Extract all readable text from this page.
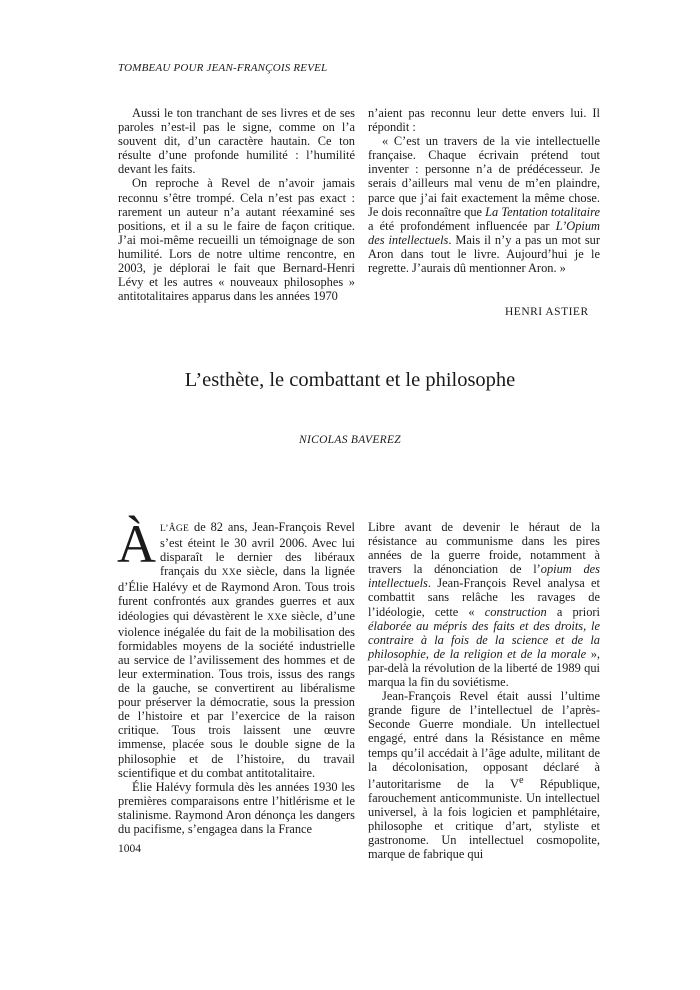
TOMBEAU POUR JEAN-FRANÇOIS REVEL

Aussi le ton tranchant de ses livres et de ses paroles n’est-il pas le signe, comme on l’a souvent dit, d’un caractère hautain. Ce ton résulte d’une profonde humilité : l’humilité devant les faits.

On reproche à Revel de n’avoir jamais reconnu s’être trompé. Cela n’est pas exact : rarement un auteur n’a autant réexaminé ses positions, et il a su le faire de façon critique. J’ai moi-même recueilli un témoignage de son humilité. Lors de notre ultime rencontre, en 2003, je déplorai le fait que Bernard-Henri Lévy et les autres « nouveaux philosophes » antitotalitaires apparus dans les années 1970

n’aient pas reconnu leur dette envers lui. Il répondit :

« C’est un travers de la vie intellectuelle française. Chaque écrivain prétend tout inventer : personne n’a de prédécesseur. Je serais d’ailleurs mal venu de m’en plaindre, parce que j’ai fait exactement la même chose. Je dois reconnaître que La Tentation totalitaire a été profondément influencée par L’Opium des intellectuels. Mais il n’y a pas un mot sur Aron dans tout le livre. Aujourd’hui je le regrette. J’aurais dû mentionner Aron. »

HENRI ASTIER
L’esthète, le combattant et le philosophe
NICOLAS BAVEREZ

À L’ÂGE de 82 ans, Jean-François Revel s’est éteint le 30 avril 2006. Avec lui disparaît le dernier des libéraux français du XXe siècle, dans la lignée d’Élie Halévy et de Raymond Aron. Tous trois furent confrontés aux grandes guerres et aux idéologies qui dévastèrent le XXe siècle, d’une violence inégalée du fait de la mobilisation des formidables moyens de la société industrielle au service de l’avilissement des hommes et de leur extermination. Tous trois, issus des rangs de la gauche, se convertirent au libéralisme pour préserver la démocratie, sous la pression de l’histoire et par l’exercice de la raison critique. Tous trois laissent une œuvre immense, placée sous le double signe de la philosophie et de l’histoire, du travail scientifique et du combat antitotalitaire.

Élie Halévy formula dès les années 1930 les premières comparaisons entre l’hitlérisme et le stalinisme. Raymond Aron dénonça les dangers du pacifisme, s’engagea dans la France

Libre avant de devenir le héraut de la résistance au communisme dans les pires années de la guerre froide, notamment à travers la dénonciation de l’opium des intellectuels. Jean-François Revel analysa et combattit sans relâche les ravages de l’idéologie, cette « construction a priori élaborée au mépris des faits et des droits, le contraire à la fois de la science et de la philosophie, de la religion et de la morale », par-delà la révolution de la liberté de 1989 qui marqua la fin du soviétisme.

Jean-François Revel était aussi l’ultime grande figure de l’intellectuel de l’après-Seconde Guerre mondiale. Un intellectuel engagé, entré dans la Résistance en même temps qu’il accédait à l’âge adulte, militant de la décolonisation, opposant déclaré à l’autoritarisme de la Ve République, farouchement anticommuniste. Un intellectuel universel, à la fois logicien et pamphlétaire, philosophe et critique d’art, styliste et gastronome. Un intellectuel cosmopolite, marque de fabrique qui

1004
